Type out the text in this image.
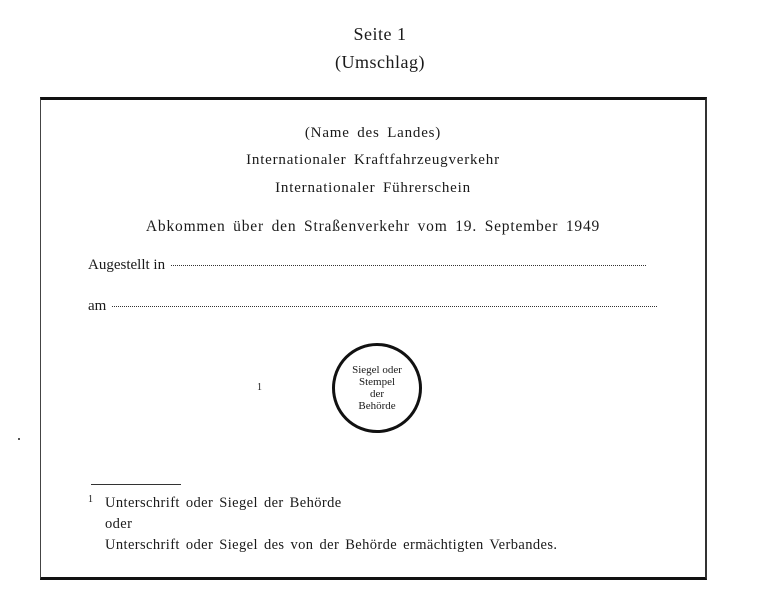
Seite 1
(Umschlag)
(Name des Landes)
Internationaler Kraftfahrzeugverkehr
Internationaler Führerschein
Abkommen über den Straßenverkehr vom 19. September 1949
Augestellt in
am
1
Siegel oder
Stempel
der
Behörde
1 Unterschrift oder Siegel der Behörde
oder
Unterschrift oder Siegel des von der Behörde ermächtigten Verbandes.
